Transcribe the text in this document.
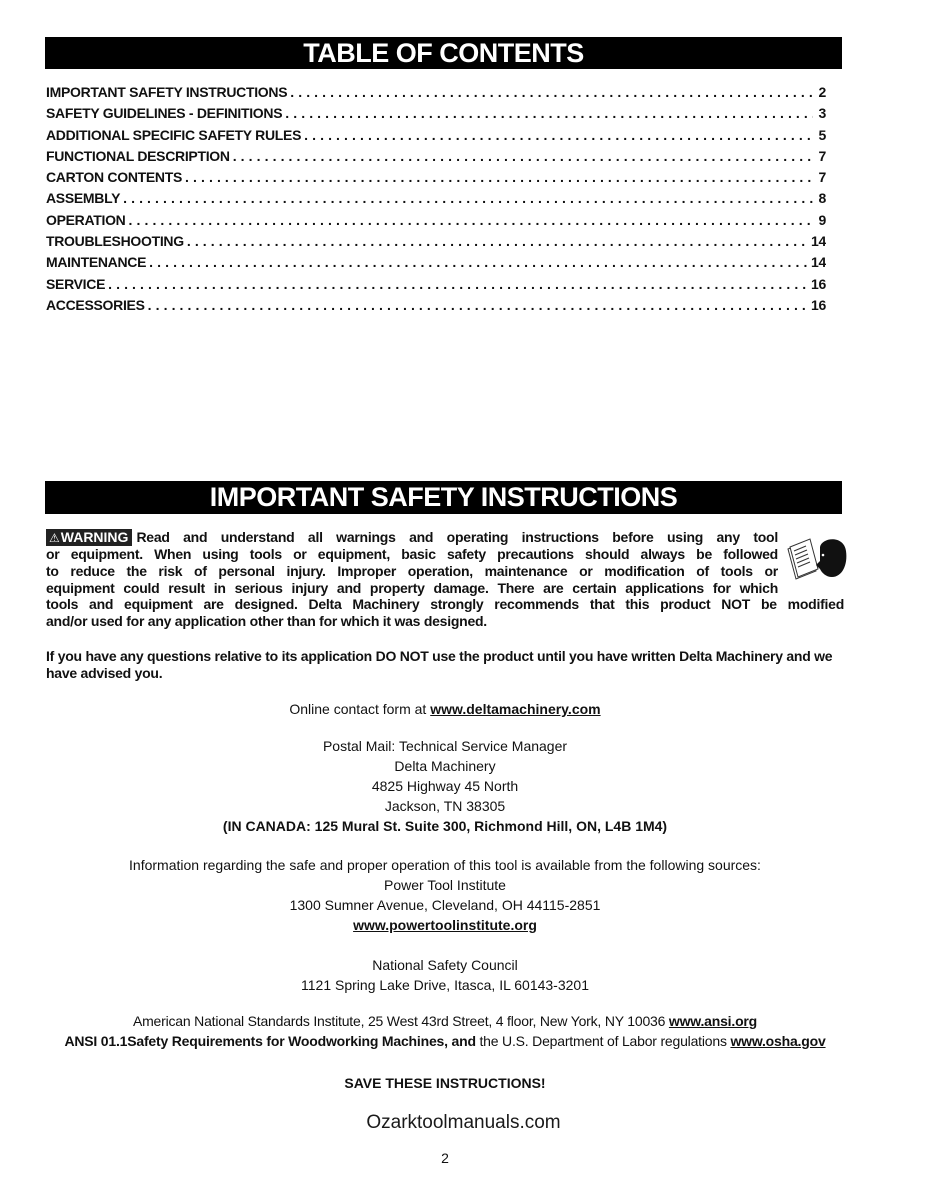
TABLE OF CONTENTS
IMPORTANT SAFETY INSTRUCTIONS . . .	2
SAFETY GUIDELINES - DEFINITIONS . . .	3
ADDITIONAL SPECIFIC SAFETY RULES . . .	5
FUNCTIONAL DESCRIPTION . . .	7
CARTON CONTENTS . . .	7
ASSEMBLY . . .	8
OPERATION . . .	9
TROUBLESHOOTING . . .	14
MAINTENANCE . . .	14
SERVICE . . .	16
ACCESSORIES . . .	16
IMPORTANT SAFETY INSTRUCTIONS
⚠WARNING Read and understand all warnings and operating instructions before using any tool
or equipment. When using tools or equipment, basic safety precautions should always be followed
to reduce the risk of personal injury. Improper operation, maintenance or modification of tools or
equipment could result in serious injury and property damage. There are certain applications for which
tools and equipment are designed. Delta Machinery strongly recommends that this product NOT be modified
and/or used for any application other than for which it was designed.
If you have any questions relative to its application DO NOT use the product until you have written Delta Machinery and we have advised you.
Online contact form at www.deltamachinery.com
Postal Mail: Technical Service Manager
Delta Machinery
4825 Highway 45 North
Jackson, TN 38305
(IN CANADA: 125 Mural St. Suite 300, Richmond Hill, ON, L4B 1M4)
Information regarding the safe and proper operation of this tool is available from the following sources:
Power Tool Institute
1300 Sumner Avenue, Cleveland, OH 44115-2851
www.powertoolinstitute.org
National Safety Council
1121 Spring Lake Drive, Itasca, IL 60143-3201
American National Standards Institute, 25 West 43rd Street, 4 floor, New York, NY 10036 www.ansi.org
ANSI 01.1Safety Requirements for Woodworking Machines, and the U.S. Department of Labor regulations www.osha.gov
SAVE THESE INSTRUCTIONS!
Ozarktoolmanuals.com
2
